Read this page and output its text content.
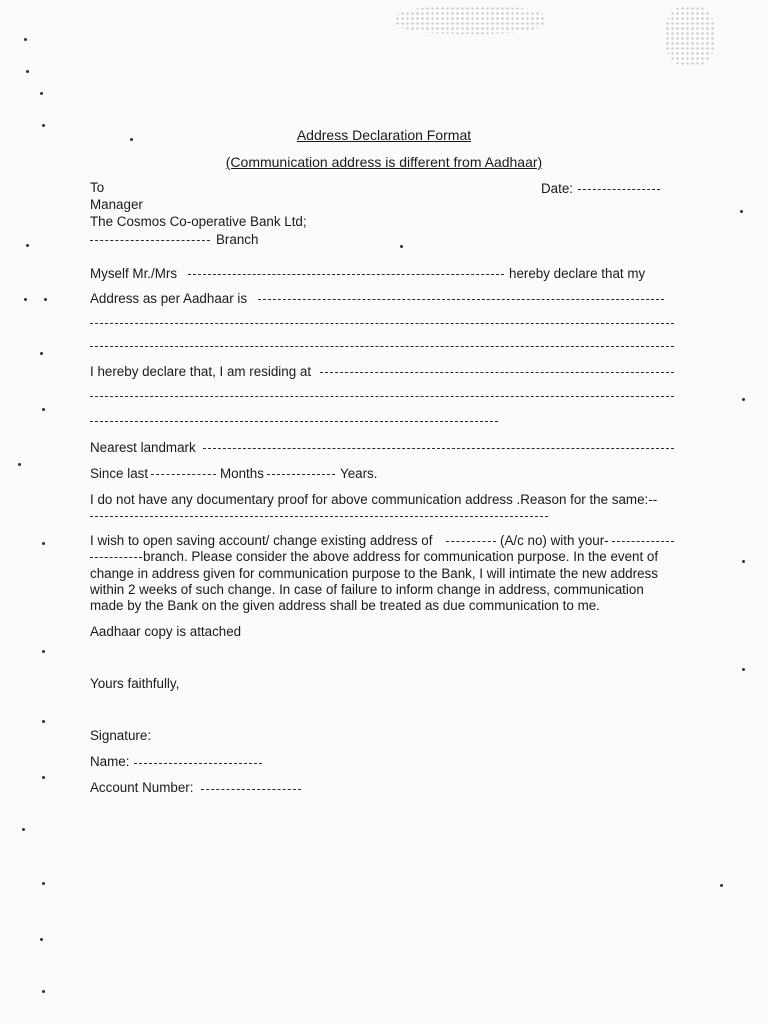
Address Declaration Format
(Communication address is different from Aadhaar)
To
Manager
The Cosmos Co-operative Bank Ltd;
Branch
Date:
Myself Mr./Mrs	hereby declare that my
Address as per Aadhaar is
I hereby declare that, I am residing at
Nearest landmark
Since last	Months	Years.
I do not have any documentary proof for above communication address .Reason for the same:--
I wish to open saving account/ change existing address of	(A/c no) with your-
branch. Please consider the above address for communication purpose. In the event of
change in address given for communication purpose to the Bank, I will intimate the new address
within 2 weeks of such change. In case of failure to inform change in address, communication
made by the Bank on the given address shall be treated as due communication to me.
Aadhaar copy is attached
Yours faithfully,
Signature:
Name:
Account Number:
